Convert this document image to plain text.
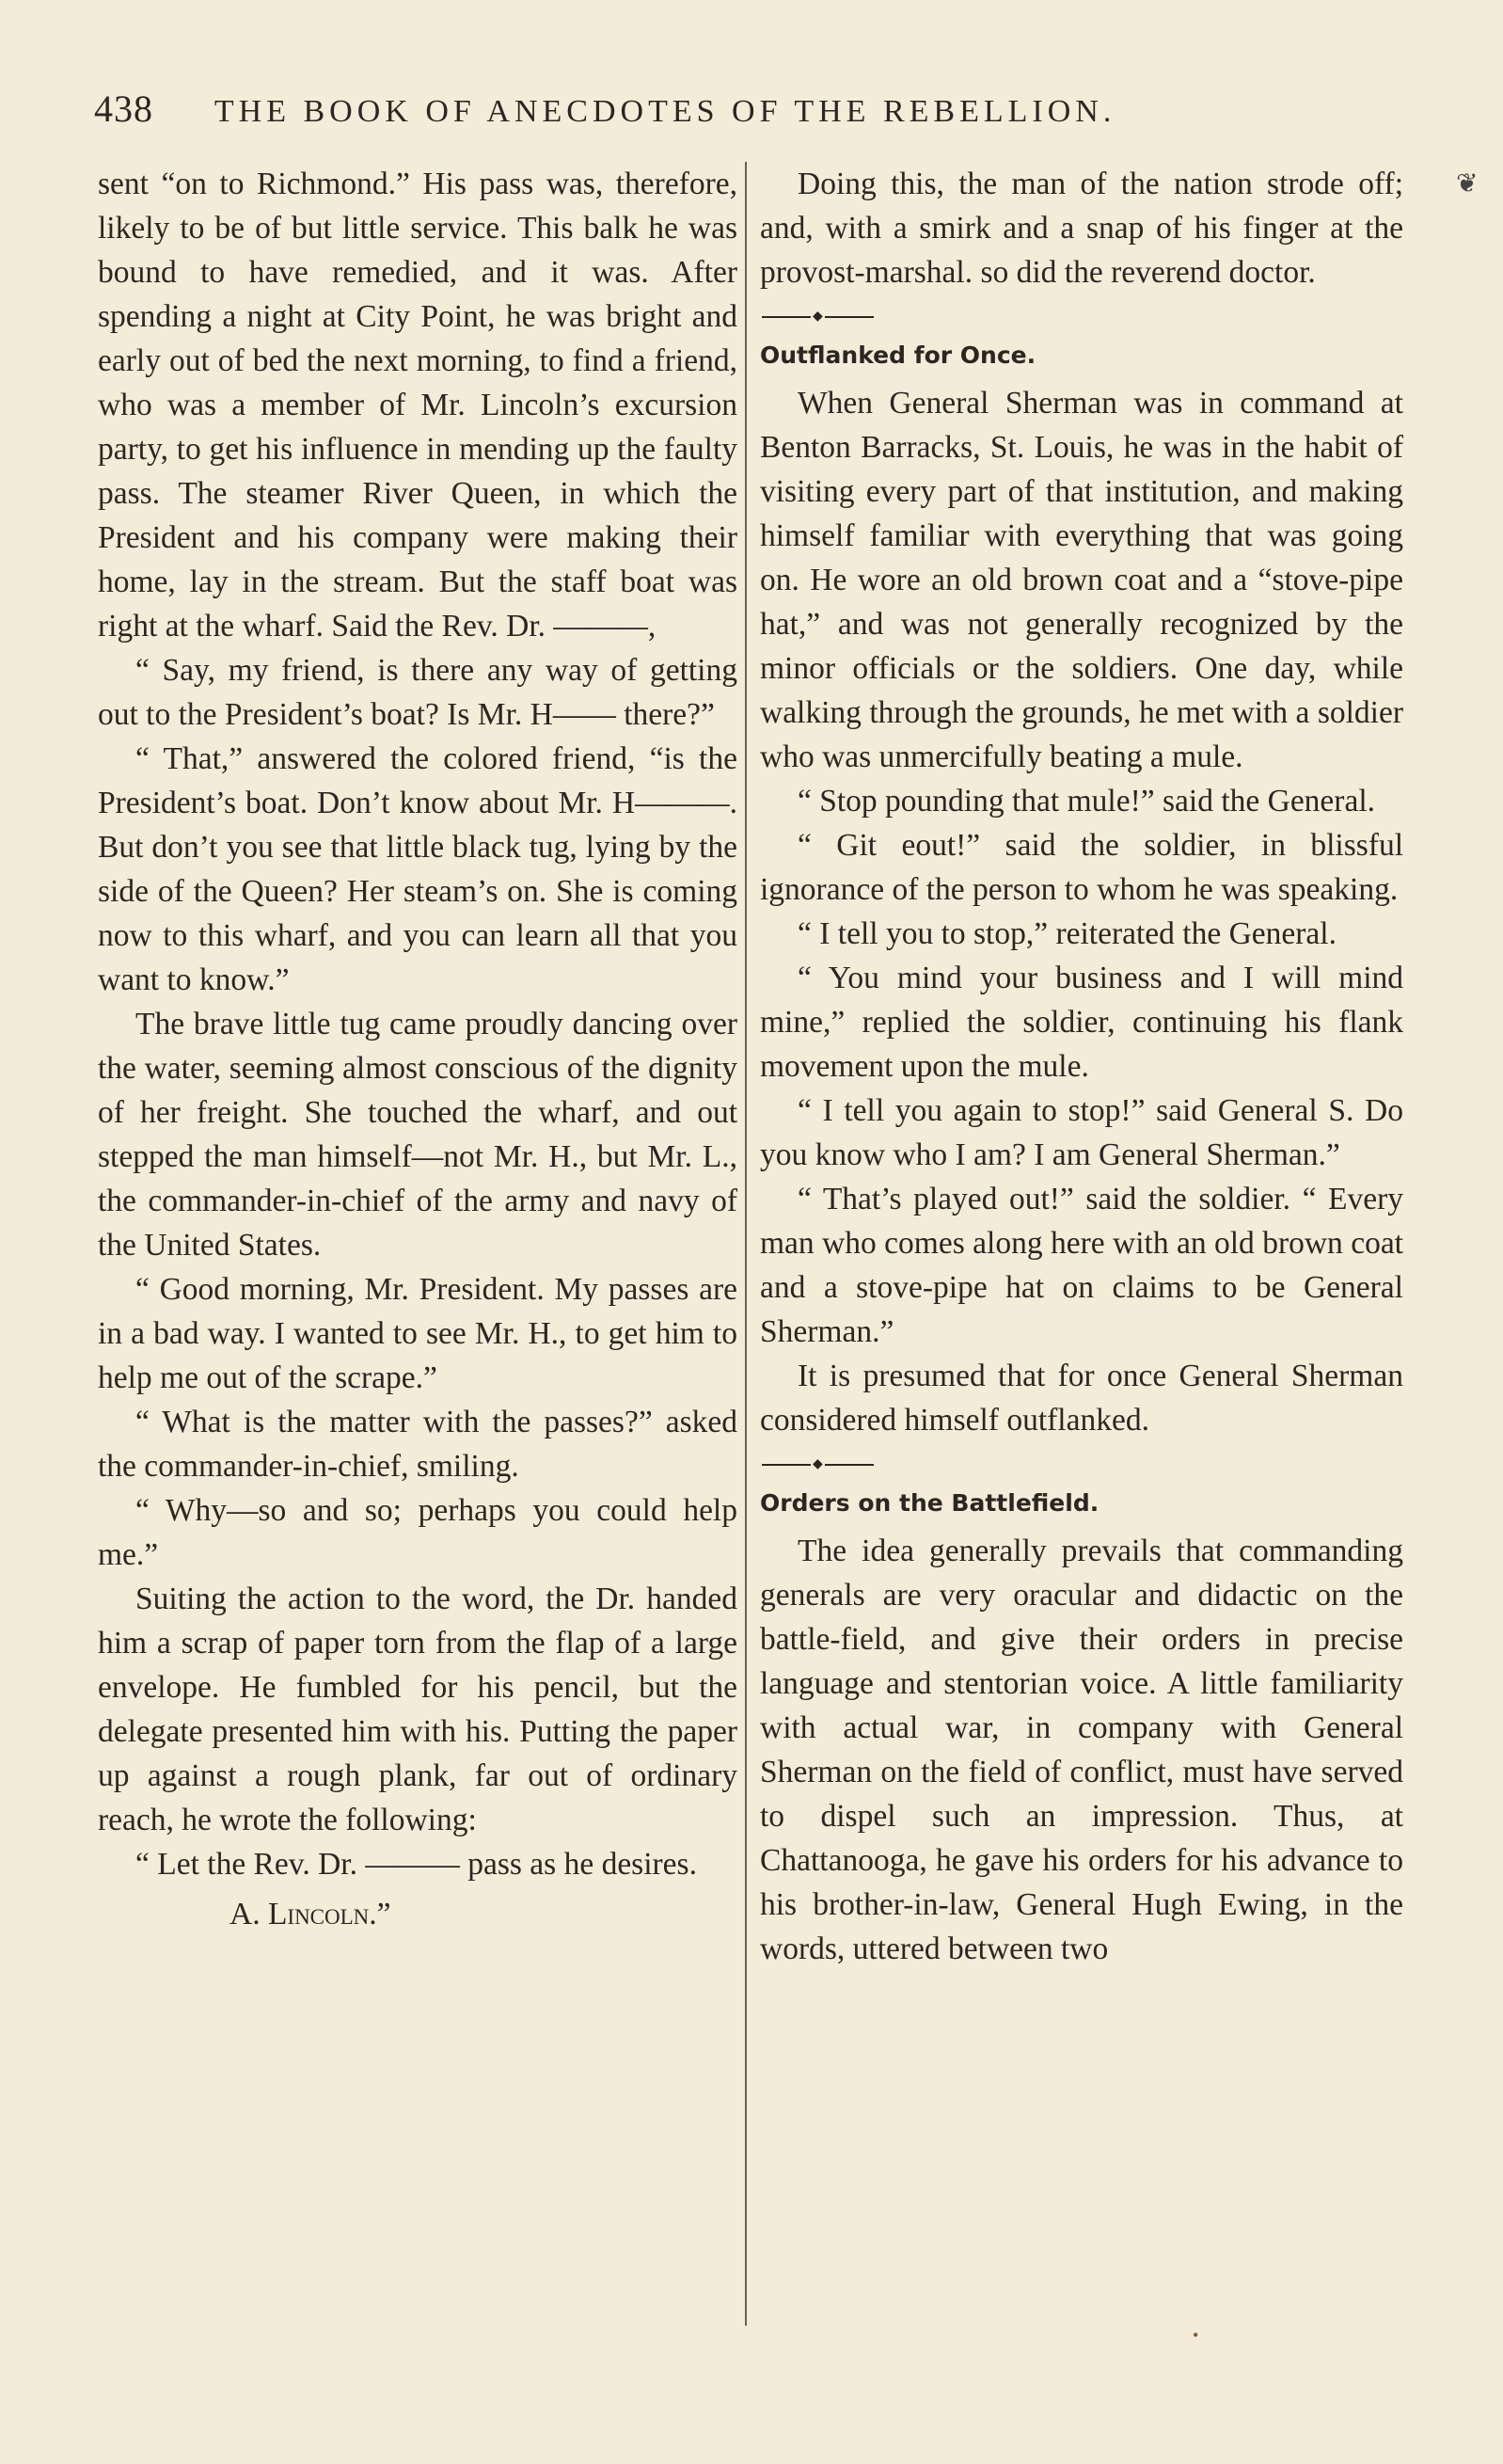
438 THE BOOK OF ANECDOTES OF THE REBELLION.
❦

sent “on to Richmond.” His pass was, therefore, likely to be of but little service. This balk he was bound to have remedied, and it was. After spending a night at City Point, he was bright and early out of bed the next morning, to find a friend, who was a member of Mr. Lincoln’s excursion party, to get his influence in mending up the faulty pass. The steamer River Queen, in which the President and his company were making their home, lay in the stream. But the staff boat was right at the wharf. Said the Rev. Dr. ———,

“ Say, my friend, is there any way of getting out to the President’s boat? Is Mr. H—— there?”

“ That,” answered the colored friend, “is the President’s boat. Don’t know about Mr. H———. But don’t you see that little black tug, lying by the side of the Queen? Her steam’s on. She is coming now to this wharf, and you can learn all that you want to know.”

The brave little tug came proudly dancing over the water, seeming almost conscious of the dignity of her freight. She touched the wharf, and out stepped the man himself—not Mr. H., but Mr. L., the commander-in-chief of the army and navy of the United States.

“ Good morning, Mr. President. My passes are in a bad way. I wanted to see Mr. H., to get him to help me out of the scrape.”

“ What is the matter with the passes?” asked the commander-in-chief, smiling.

“ Why—so and so; perhaps you could help me.”

Suiting the action to the word, the Dr. handed him a scrap of paper torn from the flap of a large envelope. He fumbled for his pencil, but the delegate presented him with his. Putting the paper up against a rough plank, far out of ordinary reach, he wrote the following:

“ Let the Rev. Dr. ——— pass as he desires.

A. Lincoln.”

Doing this, the man of the nation strode off; and, with a smirk and a snap of his finger at the provost-marshal. so did the reverend doctor.

◆

Outflanked for Once.

When General Sherman was in command at Benton Barracks, St. Louis, he was in the habit of visiting every part of that institution, and making himself familiar with everything that was going on. He wore an old brown coat and a “stove-pipe hat,” and was not generally recognized by the minor officials or the soldiers. One day, while walking through the grounds, he met with a soldier who was unmercifully beating a mule.

“ Stop pounding that mule!” said the General.

“ Git eout!” said the soldier, in blissful ignorance of the person to whom he was speaking.

“ I tell you to stop,” reiterated the General.

“ You mind your business and I will mind mine,” replied the soldier, continuing his flank movement upon the mule.

“ I tell you again to stop!” said General S. Do you know who I am? I am General Sherman.”

“ That’s played out!” said the soldier. “ Every man who comes along here with an old brown coat and a stove-pipe hat on claims to be General Sherman.”

It is presumed that for once General Sherman considered himself outflanked.

◆

Orders on the Battlefield.

The idea generally prevails that commanding generals are very oracular and didactic on the battle-field, and give their orders in precise language and stentorian voice. A little familiarity with actual war, in company with General Sherman on the field of conflict, must have served to dispel such an impression. Thus, at Chattanooga, he gave his orders for his advance to his brother-in-law, General Hugh Ewing, in the words, uttered between two

•
